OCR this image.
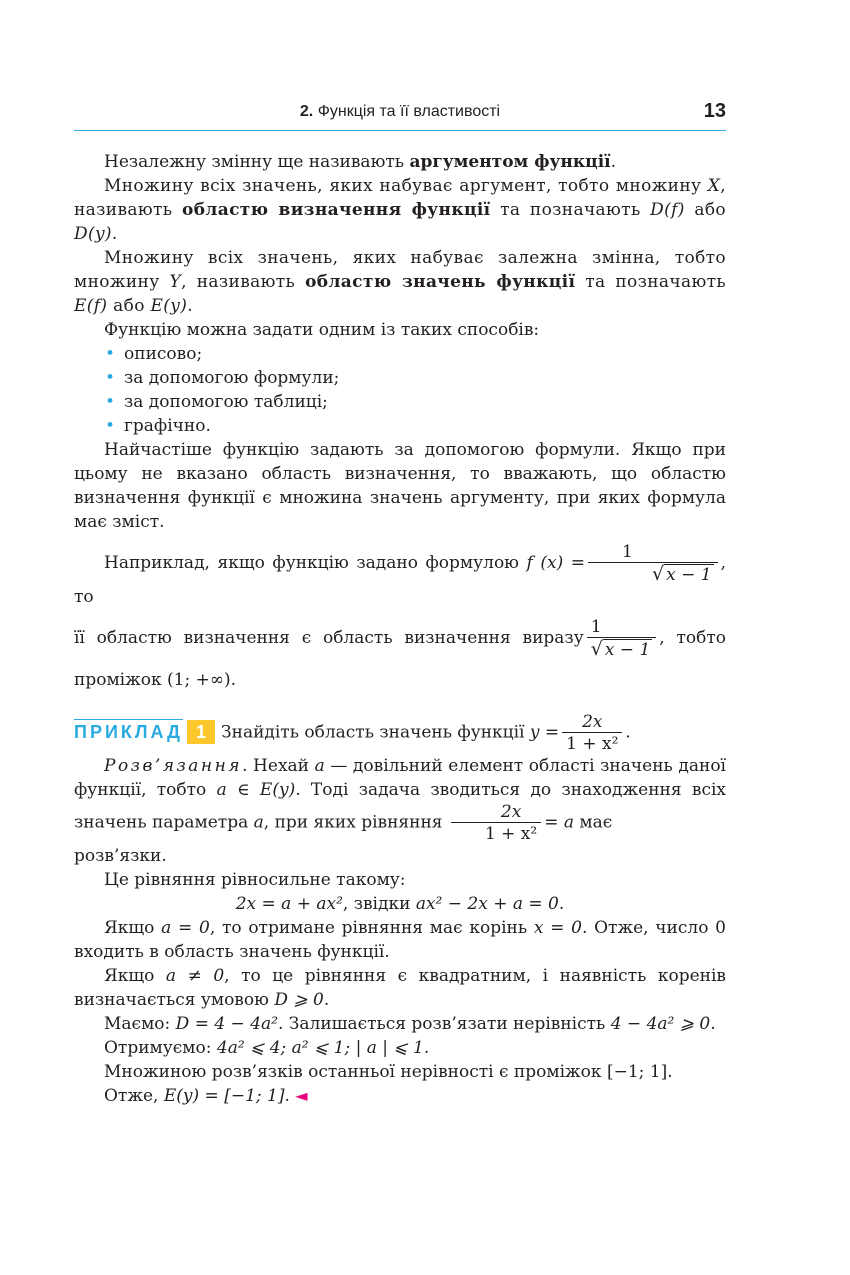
2. Функція та її властивості	13

Незалежну змінну ще називають аргументом функції.

Множину всіх значень, яких набуває аргумент, тобто множину X, називають областю визначення функції та позначають D(f) або D(y).

Множину всіх значень, яких набуває залежна змінна, тобто множину Y, називають областю значень функції та позначають E(f) або E(y).

Функцію можна задати одним із таких способів:

• описово;
• за допомогою формули;
• за допомогою таблиці;
• графічно.

Найчастіше функцію задають за допомогою формули. Якщо при цьому не вказано область визначення, то вважають, що областю визначення функції є множина значень аргументу, при яких формула має зміст.

Наприклад, якщо функцію задано формулою f $(x) = \frac{1}{√ x - 1}$ , то

її областю визначення є область визначення виразу $\frac{1}{√ x - 1}$ , тобто

проміжок (1; +∞).

ПРИКЛАД 1 Знайдіть область значень функції $y = \frac{2x}{\text{1 + x²}}$ .

Розв’язання. Нехай a — довільний елемент області значень даної функції, тобто a ∈ E(y). Тоді задача зводиться до знаходження всіх значень параметра a, при яких рівняння $\frac{2x}{\text{1 + x²}} = a$ має

розв’язки.

Це рівняння рівносильне такому:

2x = a + ax², звідки ax² − 2x + a = 0.

Якщо a = 0, то отримане рівняння має корінь x = 0. Отже, число 0 входить в область значень функції.

Якщо a ≠ 0, то це рівняння є квадратним, і наявність коренів визначається умовою D ⩾ 0.

Маємо: D = 4 − 4a². Залишається розв’язати нерівність 4 − 4a² ⩾ 0.

Отримуємо: 4a² ⩽ 4; a² ⩽ 1; | a | ⩽ 1.

Множиною розв’язків останньої нерівності є проміжок [−1; 1].

Отже, E(y) = [−1; 1]. ◄
